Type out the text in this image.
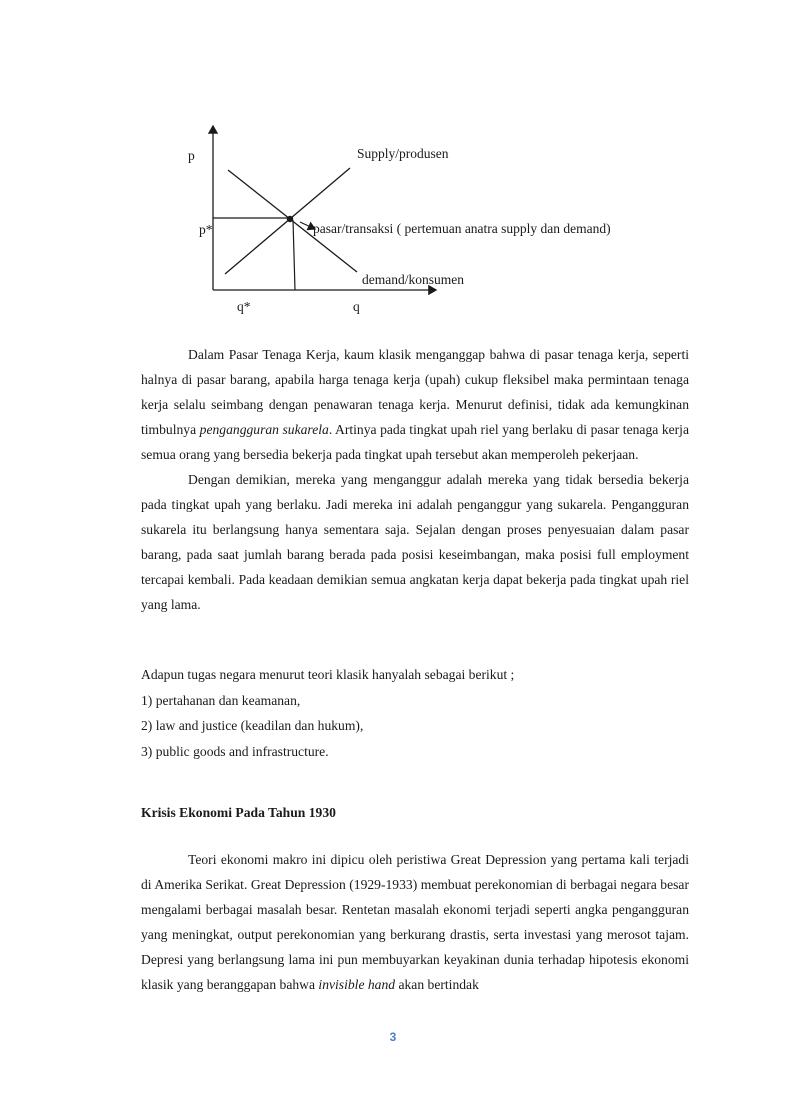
p	Supply/produsen
p*	pasar/transaksi ( pertemuan anatra supply dan demand)
demand/konsumen
q*	q

Dalam Pasar Tenaga Kerja, kaum klasik menganggap bahwa di pasar tenaga kerja, seperti halnya di pasar barang, apabila harga tenaga kerja (upah) cukup fleksibel maka permintaan tenaga kerja selalu seimbang dengan penawaran tenaga kerja. Menurut definisi, tidak ada kemungkinan timbulnya pengangguran sukarela. Artinya pada tingkat upah riel yang berlaku di pasar tenaga kerja semua orang yang bersedia bekerja pada tingkat upah tersebut akan memperoleh pekerjaan.

Dengan demikian, mereka yang menganggur adalah mereka yang tidak bersedia bekerja pada tingkat upah yang berlaku. Jadi mereka ini adalah penganggur yang sukarela. Pengangguran sukarela itu berlangsung hanya sementara saja. Sejalan dengan proses penyesuaian dalam pasar barang, pada saat jumlah barang berada pada posisi keseimbangan, maka posisi full employment tercapai kembali. Pada keadaan demikian semua angkatan kerja dapat bekerja pada tingkat upah riel yang lama.

Adapun tugas negara menurut teori klasik hanyalah sebagai berikut ;

1) pertahanan dan keamanan,

2) law and justice (keadilan dan hukum),

3) public goods and infrastructure.

Krisis Ekonomi Pada Tahun 1930

Teori ekonomi makro ini dipicu oleh peristiwa Great Depression yang pertama kali terjadi di Amerika Serikat. Great Depression (1929-1933) membuat perekonomian di berbagai negara besar mengalami berbagai masalah besar. Rentetan masalah ekonomi terjadi seperti angka pengangguran yang meningkat, output perekonomian yang berkurang drastis, serta investasi yang merosot tajam. Depresi yang berlangsung lama ini pun membuyarkan keyakinan dunia terhadap hipotesis ekonomi klasik yang beranggapan bahwa invisible hand akan bertindak

3
